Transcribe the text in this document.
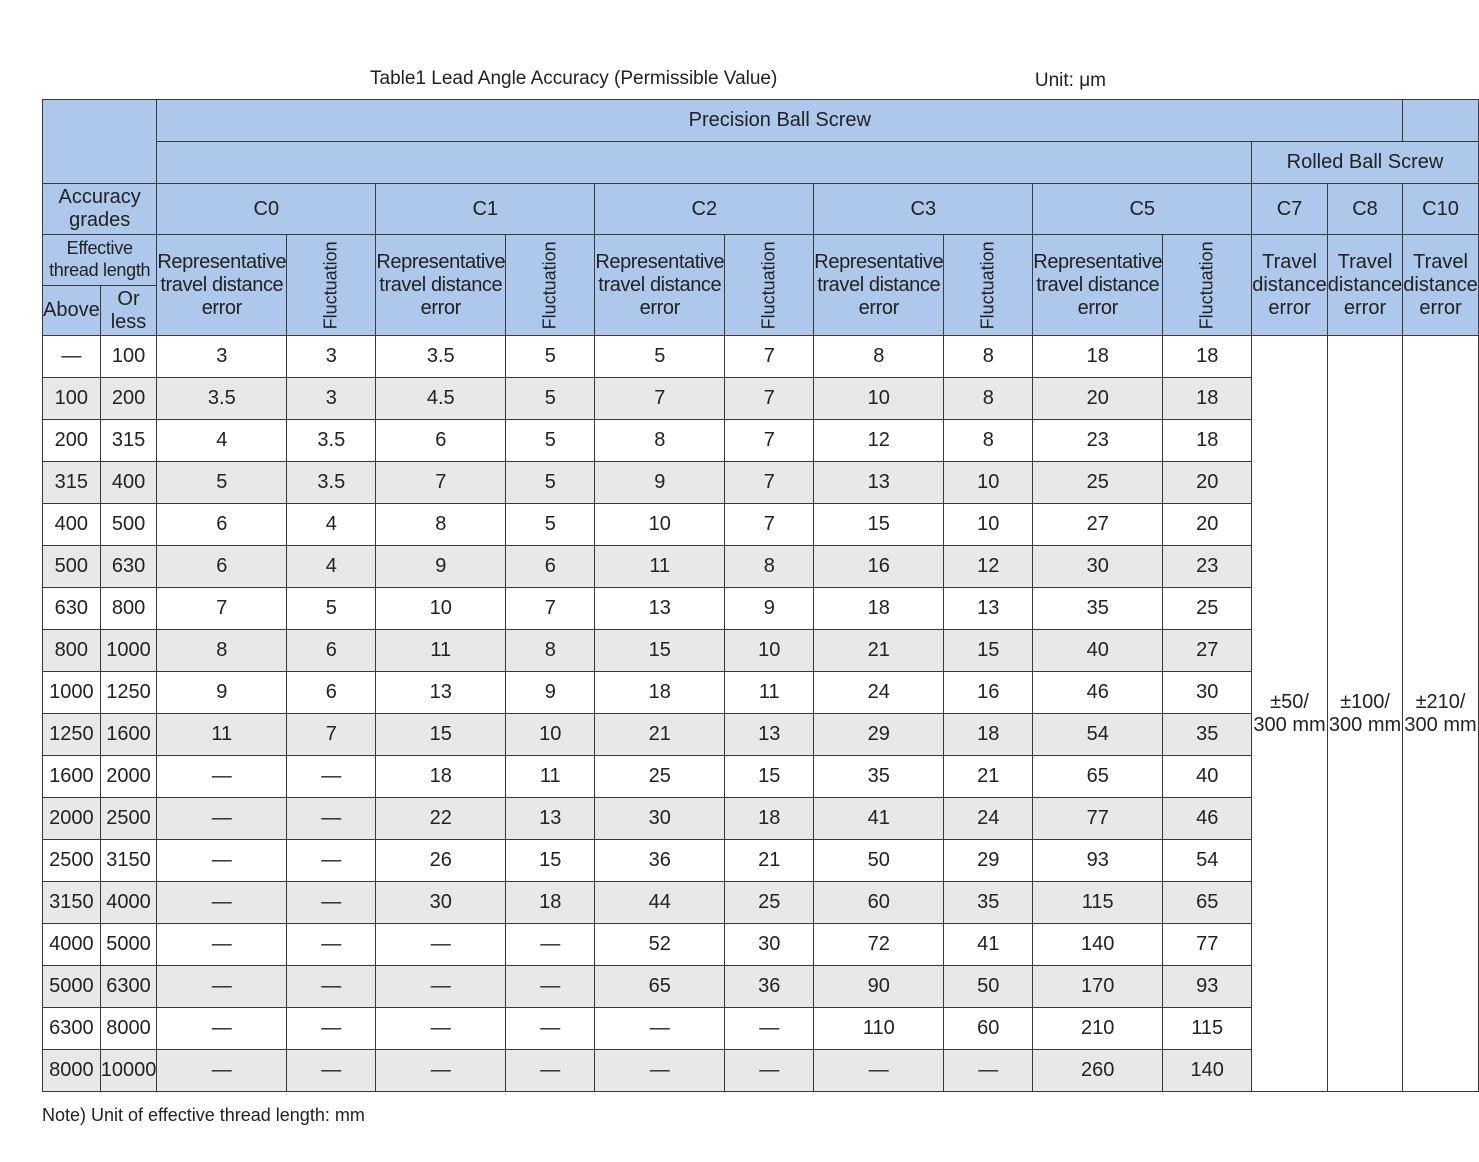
Table1 Lead Angle Accuracy (Permissible Value)	Unit: μm
		Precision Ball Screw												
												Rolled Ball Screw		
Accuracy grades		C0		C1		C2		C3		C5		C7	C8	C10
Effective thread length		Representative
travel distance
error	Fluctuation	Representative
travel distance
error	Fluctuation	Representative
travel distance
error	Fluctuation	Representative
travel distance
error	Fluctuation	Representative
travel distance
error	Fluctuation	Travel
distance
error	Travel
distance
error	Travel
distance
error

Above	Or less													
—	100	3	3	3.5	5	5	7	8	8	18	18	±50/
300 mm	±100/
300 mm	±210/
300 mm

100	200	3.5	3	4.5	5	7	7	10	8	20	18			
200	315	4	3.5	6	5	8	7	12	8	23	18			
315	400	5	3.5	7	5	9	7	13	10	25	20			
400	500	6	4	8	5	10	7	15	10	27	20			
500	630	6	4	9	6	11	8	16	12	30	23			
630	800	7	5	10	7	13	9	18	13	35	25			
800	1000	8	6	11	8	15	10	21	15	40	27			
1000	1250	9	6	13	9	18	11	24	16	46	30			
1250	1600	11	7	15	10	21	13	29	18	54	35			
1600	2000	—	—	18	11	25	15	35	21	65	40			
2000	2500	—	—	22	13	30	18	41	24	77	46			
2500	3150	—	—	26	15	36	21	50	29	93	54			
3150	4000	—	—	30	18	44	25	60	35	115	65			
4000	5000	—	—	—	—	52	30	72	41	140	77			
5000	6300	—	—	—	—	65	36	90	50	170	93			
6300	8000	—	—	—	—	—	—	110	60	210	115			
8000	10000	—	—	—	—	—	—	—	—	260	140			
Note) Unit of effective thread length: mm
